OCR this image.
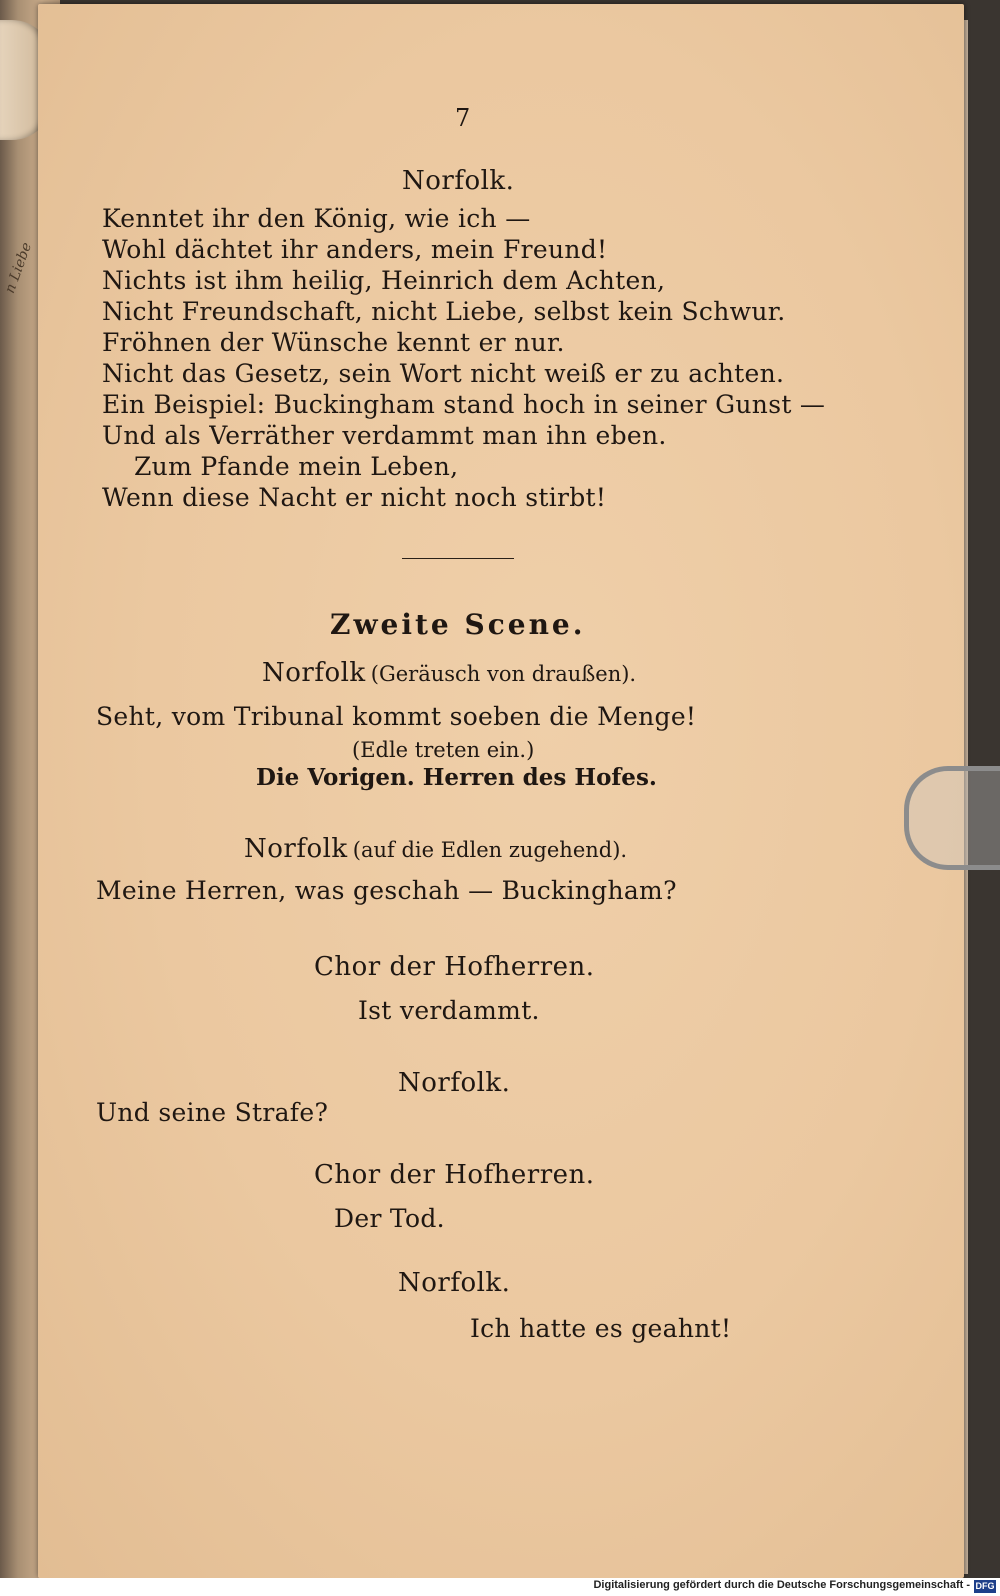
n Liebe
7
Norfolk.
Kenntet ihr den König, wie ich —
Wohl dächtet ihr anders, mein Freund!
Nichts ist ihm heilig, Heinrich dem Achten,
Nicht Freundschaft, nicht Liebe, selbst kein Schwur.
Fröhnen der Wünsche kennt er nur.
Nicht das Gesetz, sein Wort nicht weiß er zu achten.
Ein Beispiel: Buckingham stand hoch in seiner Gunst —
Und als Verräther verdammt man ihn eben.
Zum Pfande mein Leben,
Wenn diese Nacht er nicht noch stirbt!
Zweite Scene.
Norfolk (Geräusch von draußen).
Seht, vom Tribunal kommt soeben die Menge!
(Edle treten ein.)
Die Vorigen. Herren des Hofes.
Norfolk (auf die Edlen zugehend).
Meine Herren, was geschah — Buckingham?
Chor der Hofherren.
Ist verdammt.
Norfolk.
Und seine Strafe?
Chor der Hofherren.
Der Tod.
Norfolk.
Ich hatte es geahnt!
Digitalisierung gefördert durch die Deutsche Forschungsgemeinschaft - DFG
